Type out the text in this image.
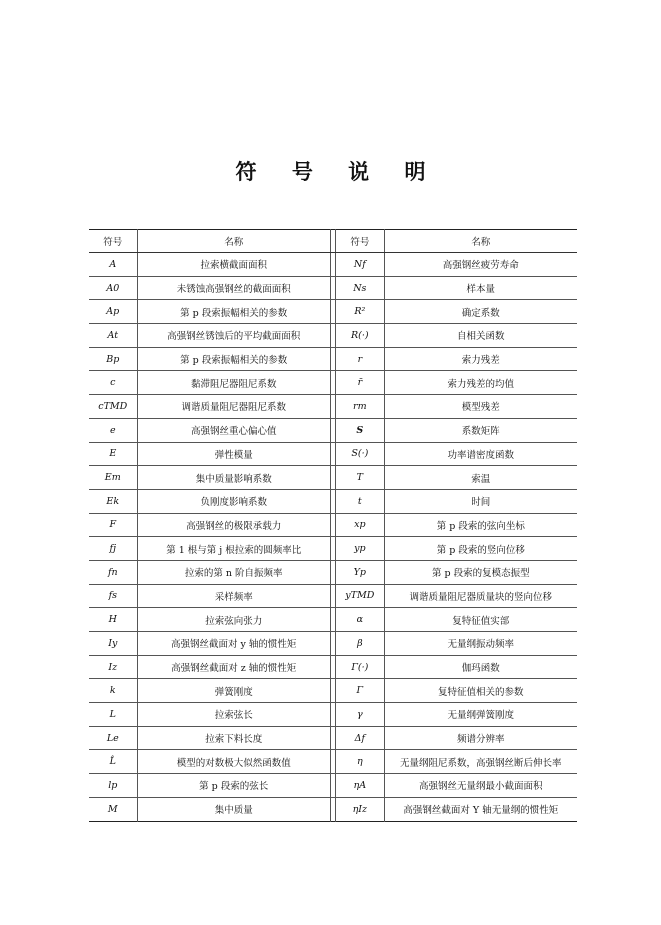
符 号 说 明
符号	名称		符号	名称
A	拉索横截面面积		Nf	高强钢丝疲劳寿命
A0	未锈蚀高强钢丝的截面面积		Ns	样本量
Ap	第 p 段索振幅相关的参数		R²	确定系数
At	高强钢丝锈蚀后的平均截面面积		R(·)	自相关函数
Bp	第 p 段索振幅相关的参数		r	索力残差
c	黏滞阻尼器阻尼系数		r̄	索力残差的均值
cTMD	调谐质量阻尼器阻尼系数		rm	模型残差
e	高强钢丝重心偏心值		S	系数矩阵
E	弹性模量		S(·)	功率谱密度函数
Em	集中质量影响系数		T	索温
Ek	负刚度影响系数		t	时间
F	高强钢丝的极限承载力		xp	第 p 段索的弦向坐标
fj	第 1 根与第 j 根拉索的圆频率比		yp	第 p 段索的竖向位移
fn	拉索的第 n 阶自振频率		Yp	第 p 段索的复模态振型
fs	采样频率		yTMD	调谐质量阻尼器质量块的竖向位移
H	拉索弦向张力		α	复特征值实部
Iy	高强钢丝截面对 y 轴的惯性矩		β	无量纲振动频率
Iz	高强钢丝截面对 z 轴的惯性矩		Γ(·)	伽玛函数
k	弹簧刚度		Γ	复特征值相关的参数
L	拉索弦长		γ	无量纲弹簧刚度
Le	拉索下料长度		Δf	频谱分辨率
L̂	模型的对数极大似然函数值		η	无量纲阻尼系数，高强钢丝断后伸长率
lp	第 p 段索的弦长		ηA	高强钢丝无量纲最小截面面积
M	集中质量		ηIz	高强钢丝截面对 Y 轴无量纲的惯性矩
